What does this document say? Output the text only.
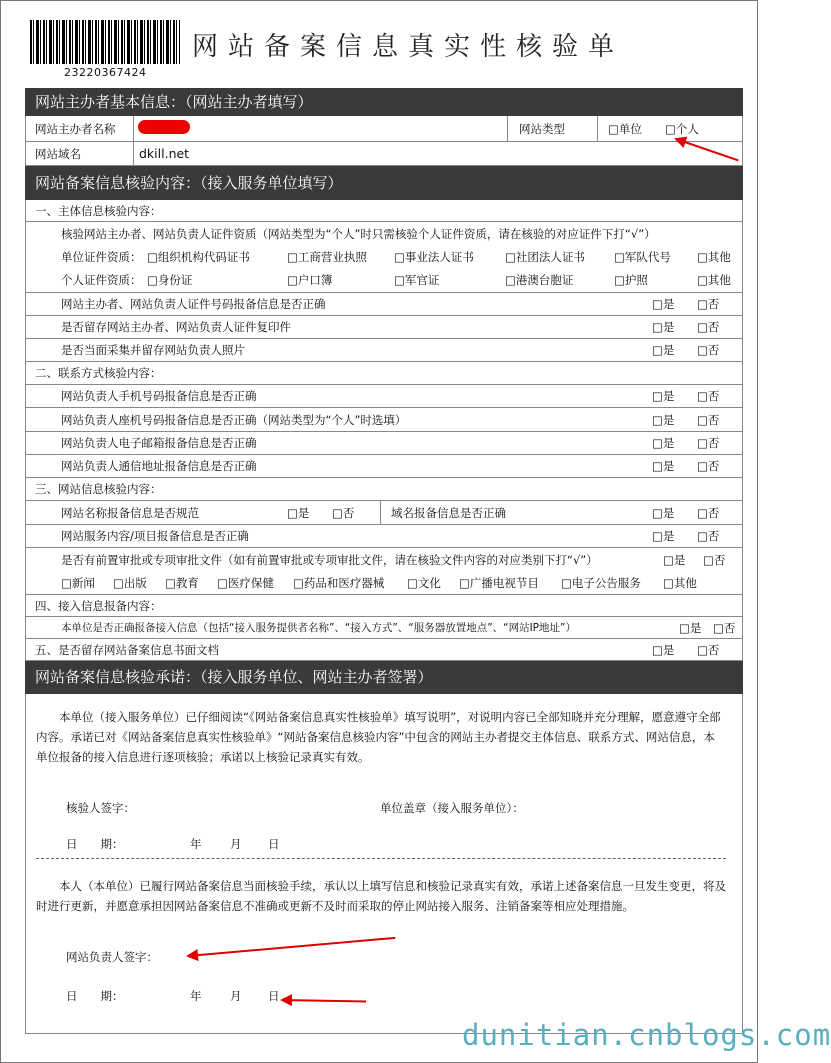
23220367424
网站备案信息真实性核验单
网站主办者基本信息：（网站主办者填写）
网站主办者名称	网站类型	□单位 □个人
网站域名	dkill.net
网站备案信息核验内容：（接入服务单位填写）
一、主体信息核验内容：
核验网站主办者、网站负责人证件资质（网站类型为“个人”时只需核验个人证件资质，请在核验的对应证件下打“√”）
单位证件资质： □组织机构代码证书	□工商营业执照 □事业法人证书	□社团法人证书	□军队代号 □其他
个人证件资质： □身份证	□户口簿	□军官证	□港澳台胞证	□护照	□其他
网站主办者、网站负责人证件号码报备信息是否正确	□是 □否
是否留存网站主办者、网站负责人证件复印件	□是 □否
是否当面采集并留存网站负责人照片	□是 □否
二、联系方式核验内容：
网站负责人手机号码报备信息是否正确	□是 □否
网站负责人座机号码报备信息是否正确（网站类型为“个人”时选填）	□是 □否
网站负责人电子邮箱报备信息是否正确	□是 □否
网站负责人通信地址报备信息是否正确	□是 □否
三、网站信息核验内容：
网站名称报备信息是否规范	□是 □否	域名报备信息是否正确	□是 □否
网站服务内容/项目报备信息是否正确	□是 □否
是否有前置审批或专项审批文件（如有前置审批或专项审批文件，请在核验文件内容的对应类别下打“√”）	□是 □否
□新闻 □出版 □教育 □医疗保健 □药品和医疗器械 □文化 □广播电视节目 □电子公告服务 □其他
四、接入信息报备内容：
本单位是否正确报备接入信息（包括“接入服务提供者名称”、“接入方式”、“服务器放置地点”、“网站IP地址”）	□是 □否
五、是否留存网站备案信息书面文档	□是 □否
网站备案信息核验承诺：（接入服务单位、网站主办者签署）
本单位（接入服务单位）已仔细阅读“《网站备案信息真实性核验单》填写说明”，对说明内容已全部知晓并充分理解，愿意遵守全部内容。承诺已对《网站备案信息真实性核验单》“网站备案信息核验内容”中包含的网站主办者提交主体信息、联系方式、网站信息，本单位报备的接入信息进行逐项核验；承诺以上核验记录真实有效。
核验人签字：	单位盖章（接入服务单位）：
日　　期：	年 月 日
本人（本单位）已履行网站备案信息当面核验手续，承认以上填写信息和核验记录真实有效，承诺上述备案信息一旦发生变更，将及时进行更新，并愿意承担因网站备案信息不准确或更新不及时而采取的停止网站接入服务、注销备案等相应处理措施。
网站负责人签字：
日　　期：	年 月 日
dunitian.cnblogs.com
